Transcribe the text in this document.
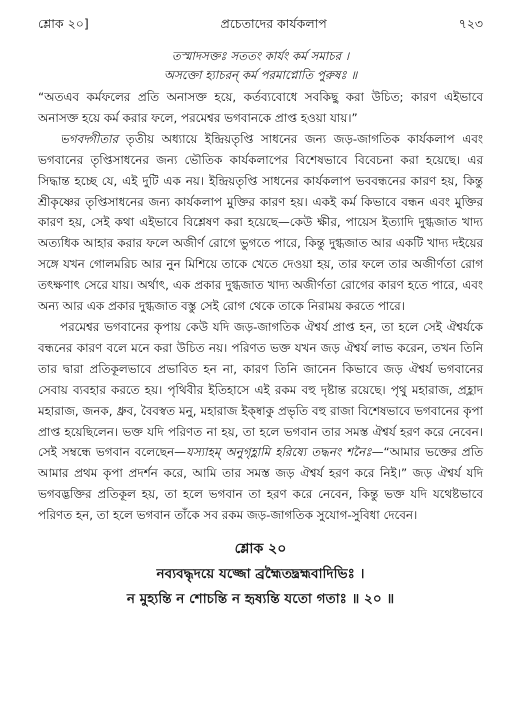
শ্লোক ২০]	প্রচেতাদের কার্যকলাপ	৭২৩
তস্মাদসক্তঃ সততং কার্যং কর্ম সমাচর ।
অসক্তো হ্যাচরন্ কর্ম পরমাপ্নোতি পুরুষঃ ॥

“অতএব কর্মফলের প্রতি অনাসক্ত হয়ে, কর্তব্যবোধে সবকিছু করা উচিত; কারণ এইভাবে অনাসক্ত হয়ে কর্ম করার ফলে, পরমেশ্বর ভগবানকে প্রাপ্ত হওয়া যায়।”

ভগবদ্গীতার তৃতীয় অধ্যায়ে ইন্দ্রিয়তৃপ্তি সাধনের জন্য জড়-জাগতিক কার্যকলাপ এবং ভগবানের তৃপ্তিসাধনের জন্য ভৌতিক কার্যকলাপের বিশেষভাবে বিবেচনা করা হয়েছে। এর সিদ্ধান্ত হচ্ছে যে, এই দুটি এক নয়। ইন্দ্রিয়তৃপ্তি সাধনের কার্যকলাপ ভববন্ধনের কারণ হয়, কিন্তু শ্রীকৃষ্ণের তৃপ্তিসাধনের জন্য কার্যকলাপ মুক্তির কারণ হয়। একই কর্ম কিভাবে বন্ধন এবং মুক্তির কারণ হয়, সেই কথা এইভাবে বিশ্লেষণ করা হয়েছে—কেউ ক্ষীর, পায়েস ইত্যাদি দুগ্ধজাত খাদ্য অত্যধিক আহার করার ফলে অজীর্ণ রোগে ভুগতে পারে, কিন্তু দুগ্ধজাত আর একটি খাদ্য দইয়ের সঙ্গে যখন গোলমরিচ আর নুন মিশিয়ে তাকে খেতে দেওয়া হয়, তার ফলে তার অজীর্ণতা রোগ তৎক্ষণাৎ সেরে যায়। অর্থাৎ, এক প্রকার দুগ্ধজাত খাদ্য অজীর্ণতা রোগের কারণ হতে পারে, এবং অন্য আর এক প্রকার দুগ্ধজাত বস্তু সেই রোগ থেকে তাকে নিরাময় করতে পারে।

পরমেশ্বর ভগবানের কৃপায় কেউ যদি জড়-জাগতিক ঐশ্বর্য প্রাপ্ত হন, তা হলে সেই ঐশ্বর্যকে বন্ধনের কারণ বলে মনে করা উচিত নয়। পরিণত ভক্ত যখন জড় ঐশ্বর্য লাভ করেন, তখন তিনি তার দ্বারা প্রতিকূলভাবে প্রভাবিত হন না, কারণ তিনি জানেন কিভাবে জড় ঐশ্বর্য ভগবানের সেবায় ব্যবহার করতে হয়। পৃথিবীর ইতিহাসে এই রকম বহু দৃষ্টান্ত রয়েছে। পৃথু মহারাজ, প্রহ্লাদ মহারাজ, জনক, ধ্রুব, বৈবস্বত মনু, মহারাজ ইক্ষ্বাকু প্রভৃতি বহু রাজা বিশেষভাবে ভগবানের কৃপা প্রাপ্ত হয়েছিলেন। ভক্ত যদি পরিণত না হয়, তা হলে ভগবান তার সমস্ত ঐশ্বর্য হরণ করে নেবেন। সেই সম্বন্ধে ভগবান বলেছেন—যস্যাহম্ অনুগৃহ্ণামি হরিষ্যে তদ্ধনং শনৈঃ—“আমার ভক্তের প্রতি আমার প্রথম কৃপা প্রদর্শন করে, আমি তার সমস্ত জড় ঐশ্বর্য হরণ করে নিই।” জড় ঐশ্বর্য যদি ভগবদ্ভক্তির প্রতিকূল হয়, তা হলে ভগবান তা হরণ করে নেবেন, কিন্তু ভক্ত যদি যথেষ্টভাবে পরিণত হন, তা হলে ভগবান তাঁকে সব রকম জড়-জাগতিক সুযোগ-সুবিধা দেবেন।

শ্লোক ২০
নব্যবদ্ধৃদয়ে যজ্জো ব্রহ্মৈতদ্ব্রহ্মবাদিভিঃ ।
ন মুহ্যন্তি ন শোচন্তি ন হৃষ্যন্তি যতো গতাঃ ॥ ২০ ॥
